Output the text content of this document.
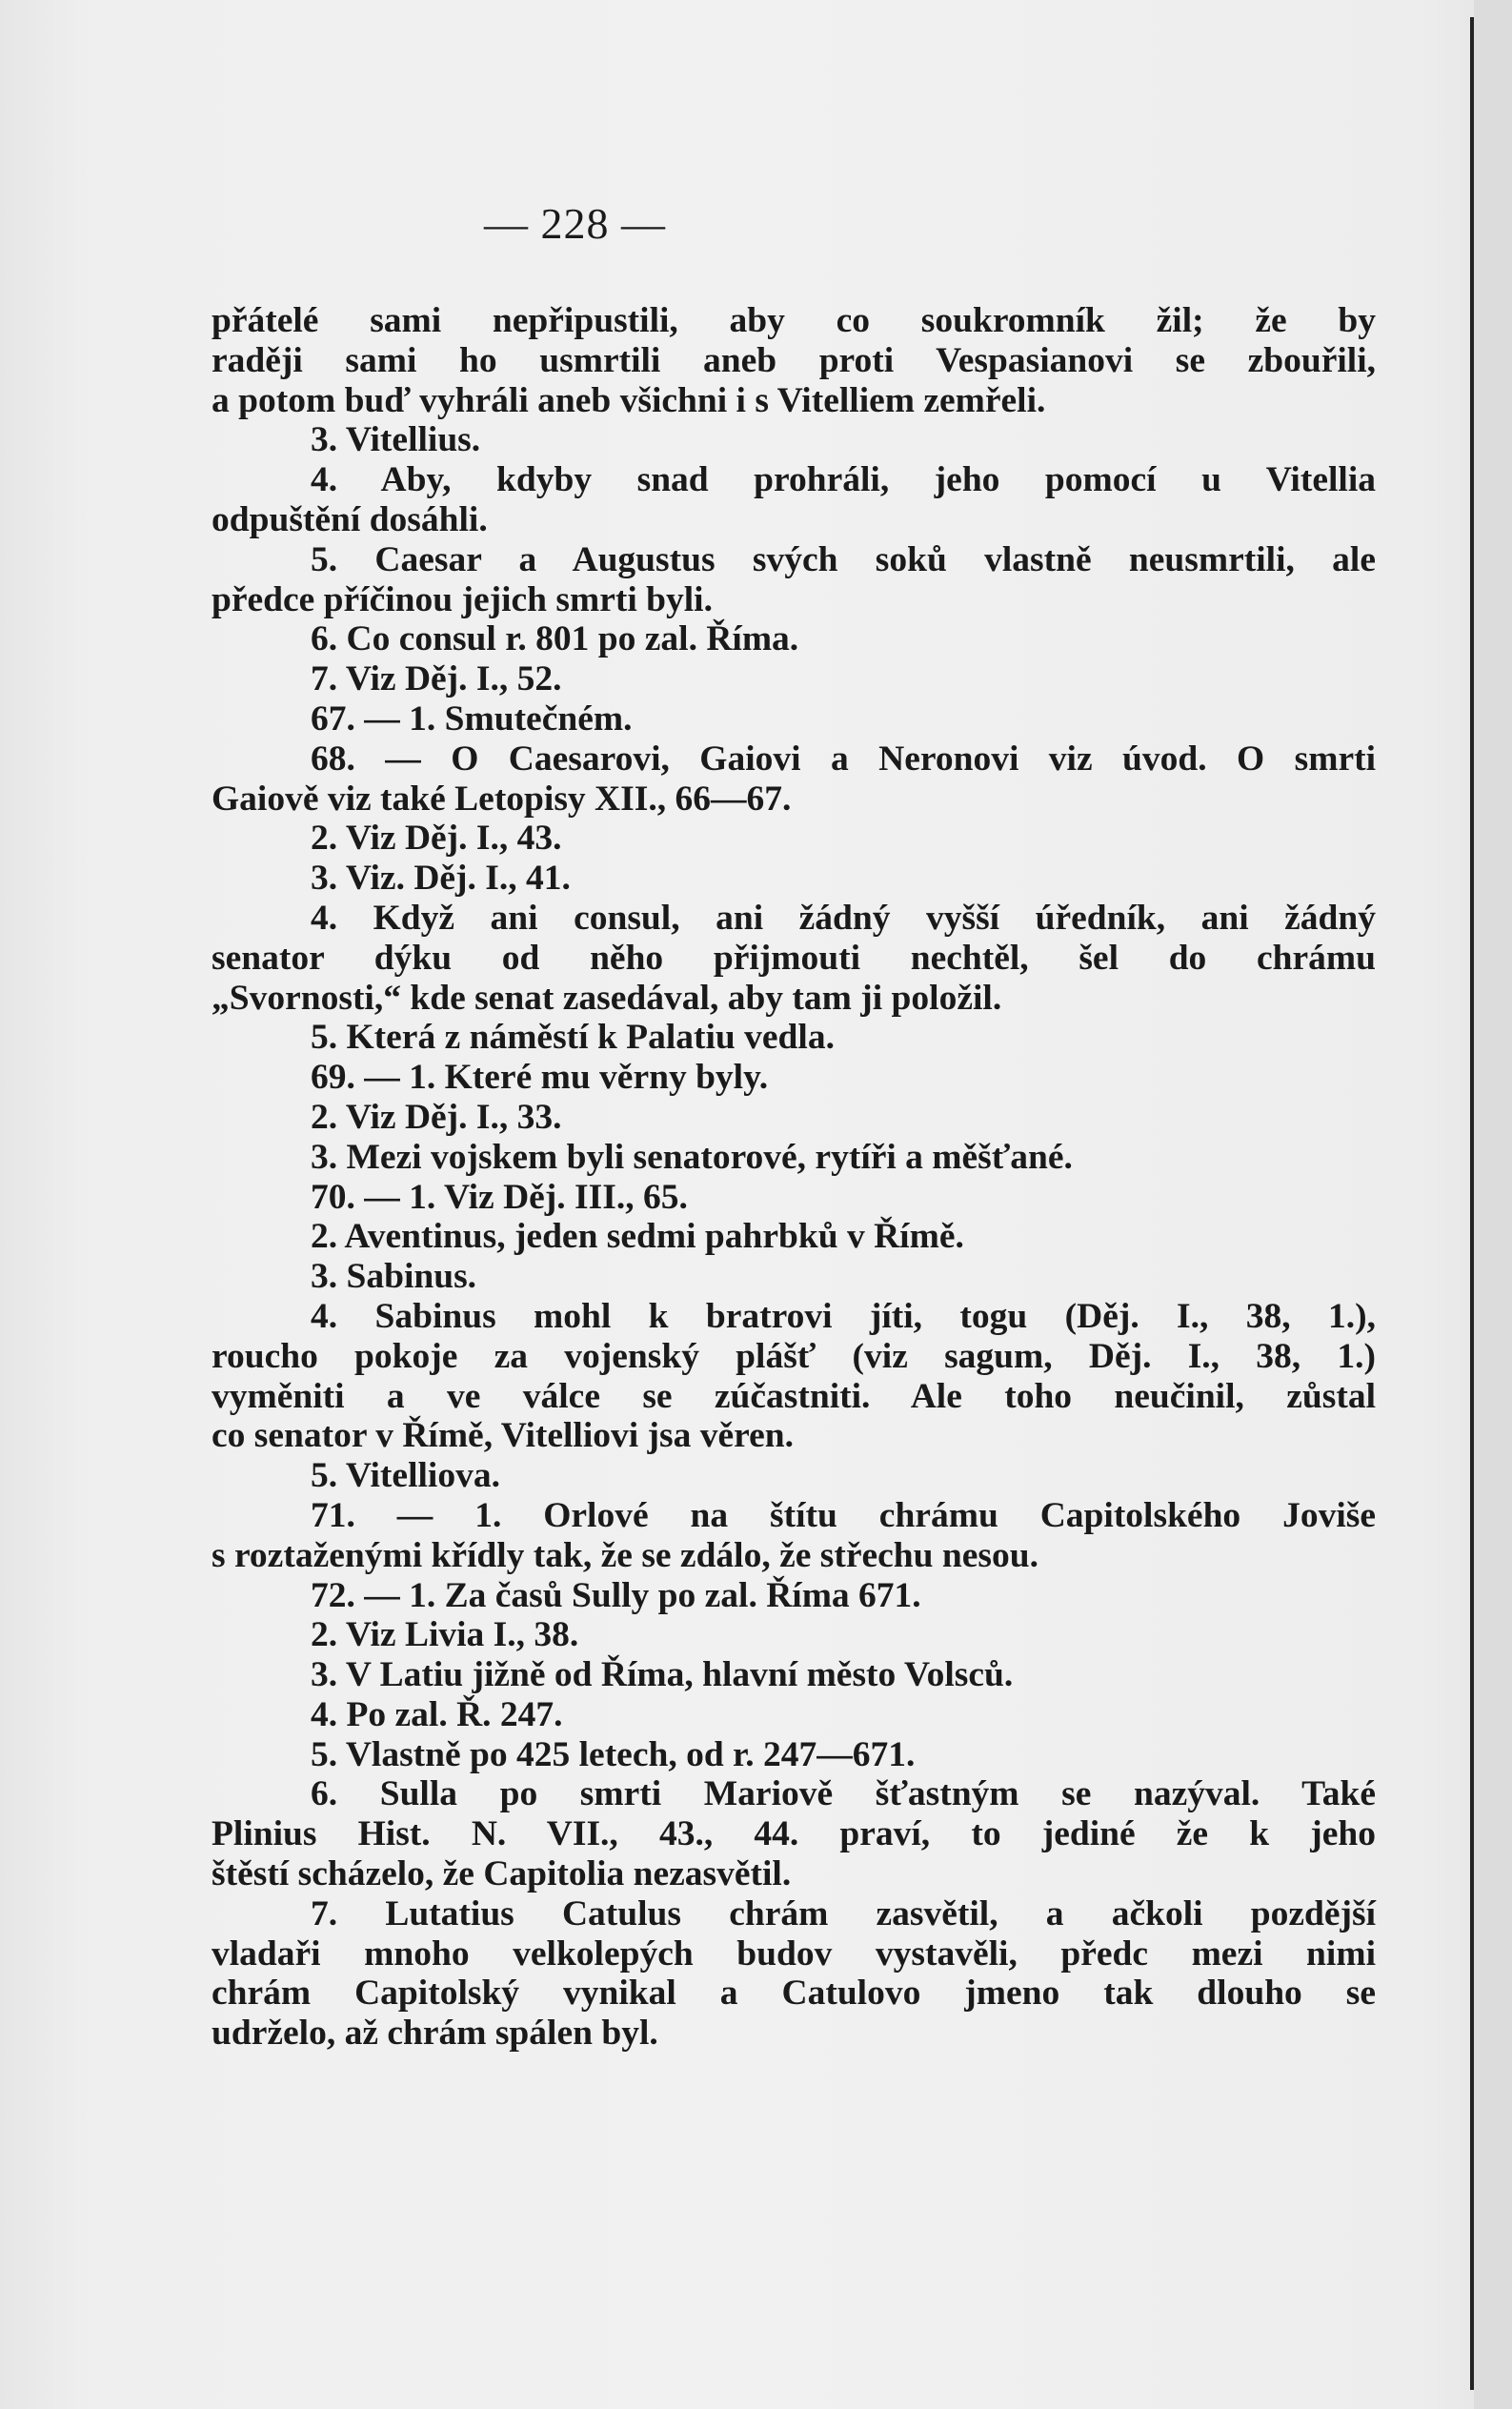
— 228 —
přátelé sami nepřipustili, aby co soukromník žil; že by
raději sami ho usmrtili aneb proti Vespasianovi se zbouřili,
a potom buď vyhráli aneb všichni i s Vitelliem zemřeli.
3. Vitellius.
4. Aby, kdyby snad prohráli, jeho pomocí u Vitellia
odpuštění dosáhli.
5. Caesar a Augustus svých soků vlastně neusmrtili, ale
předce příčinou jejich smrti byli.
6. Co consul r. 801 po zal. Říma.
7. Viz Děj. I., 52.
67. — 1. Smutečném.
68. — O Caesarovi, Gaiovi a Neronovi viz úvod. O smrti
Gaiově viz také Letopisy XII., 66—67.
2. Viz Děj. I., 43.
3. Viz. Děj. I., 41.
4. Když ani consul, ani žádný vyšší úředník, ani žádný
senator dýku od něho přijmouti nechtěl, šel do chrámu
„Svornosti,“ kde senat zasedával, aby tam ji položil.
5. Která z náměstí k Palatiu vedla.
69. — 1. Které mu věrny byly.
2. Viz Děj. I., 33.
3. Mezi vojskem byli senatorové, rytíři a měšťané.
70. — 1. Viz Děj. III., 65.
2. Aventinus, jeden sedmi pahrbků v Římě.
3. Sabinus.
4. Sabinus mohl k bratrovi jíti, togu (Děj. I., 38, 1.),
roucho pokoje za vojenský plášť (viz sagum, Děj. I., 38, 1.)
vyměniti a ve válce se zúčastniti. Ale toho neučinil, zůstal
co senator v Římě, Vitelliovi jsa věren.
5. Vitelliova.
71. — 1. Orlové na štítu chrámu Capitolského Joviše
s roztaženými křídly tak, že se zdálo, že střechu nesou.
72. — 1. Za časů Sully po zal. Říma 671.
2. Viz Livia I., 38.
3. V Latiu jižně od Říma, hlavní město Volsců.
4. Po zal. Ř. 247.
5. Vlastně po 425 letech, od r. 247—671.
6. Sulla po smrti Mariově šťastným se nazýval. Také
Plinius Hist. N. VII., 43., 44. praví, to jediné že k jeho
štěstí scházelo, že Capitolia nezasvětil.
7. Lutatius Catulus chrám zasvětil, a ačkoli pozdější
vladaři mnoho velkolepých budov vystavěli, předc mezi nimi
chrám Capitolský vynikal a Catulovo jmeno tak dlouho se
udrželo, až chrám spálen byl.
